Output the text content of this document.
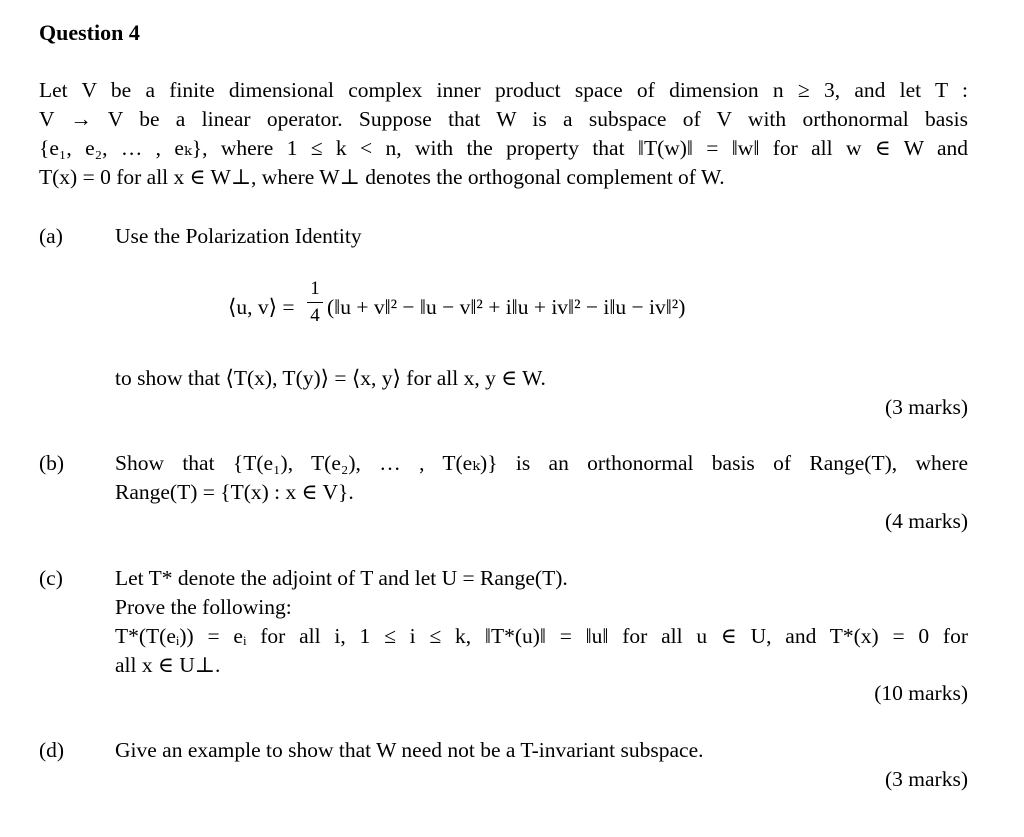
Question 4
Let V be a finite dimensional complex inner product space of dimension n ≥ 3, and let T :
V → V be a linear operator. Suppose that W is a subspace of V with orthonormal basis
{e₁, e₂, … , eₖ}, where 1 ≤ k < n, with the property that ‖T(w)‖ = ‖w‖ for all w ∈ W and
T(x) = 0 for all x ∈ W⊥, where W⊥ denotes the orthogonal complement of W.
(a) Use the Polarization Identity
⟨u, v⟩ =
1
4 (‖u + v‖² − ‖u − v‖² + i‖u + iv‖² − i‖u − iv‖²)
to show that ⟨T(x), T(y)⟩ = ⟨x, y⟩ for all x, y ∈ W.
(3 marks)
(b) Show that {T(e₁), T(e₂), … , T(eₖ)} is an orthonormal basis of Range(T), where
Range(T) = {T(x) : x ∈ V}.
(4 marks)
(c) Let T* denote the adjoint of T and let U = Range(T).
Prove the following:
T*(T(eᵢ)) = eᵢ for all i, 1 ≤ i ≤ k, ‖T*(u)‖ = ‖u‖ for all u ∈ U, and T*(x) = 0 for
all x ∈ U⊥.
(10 marks)
(d) Give an example to show that W need not be a T-invariant subspace.
(3 marks)
